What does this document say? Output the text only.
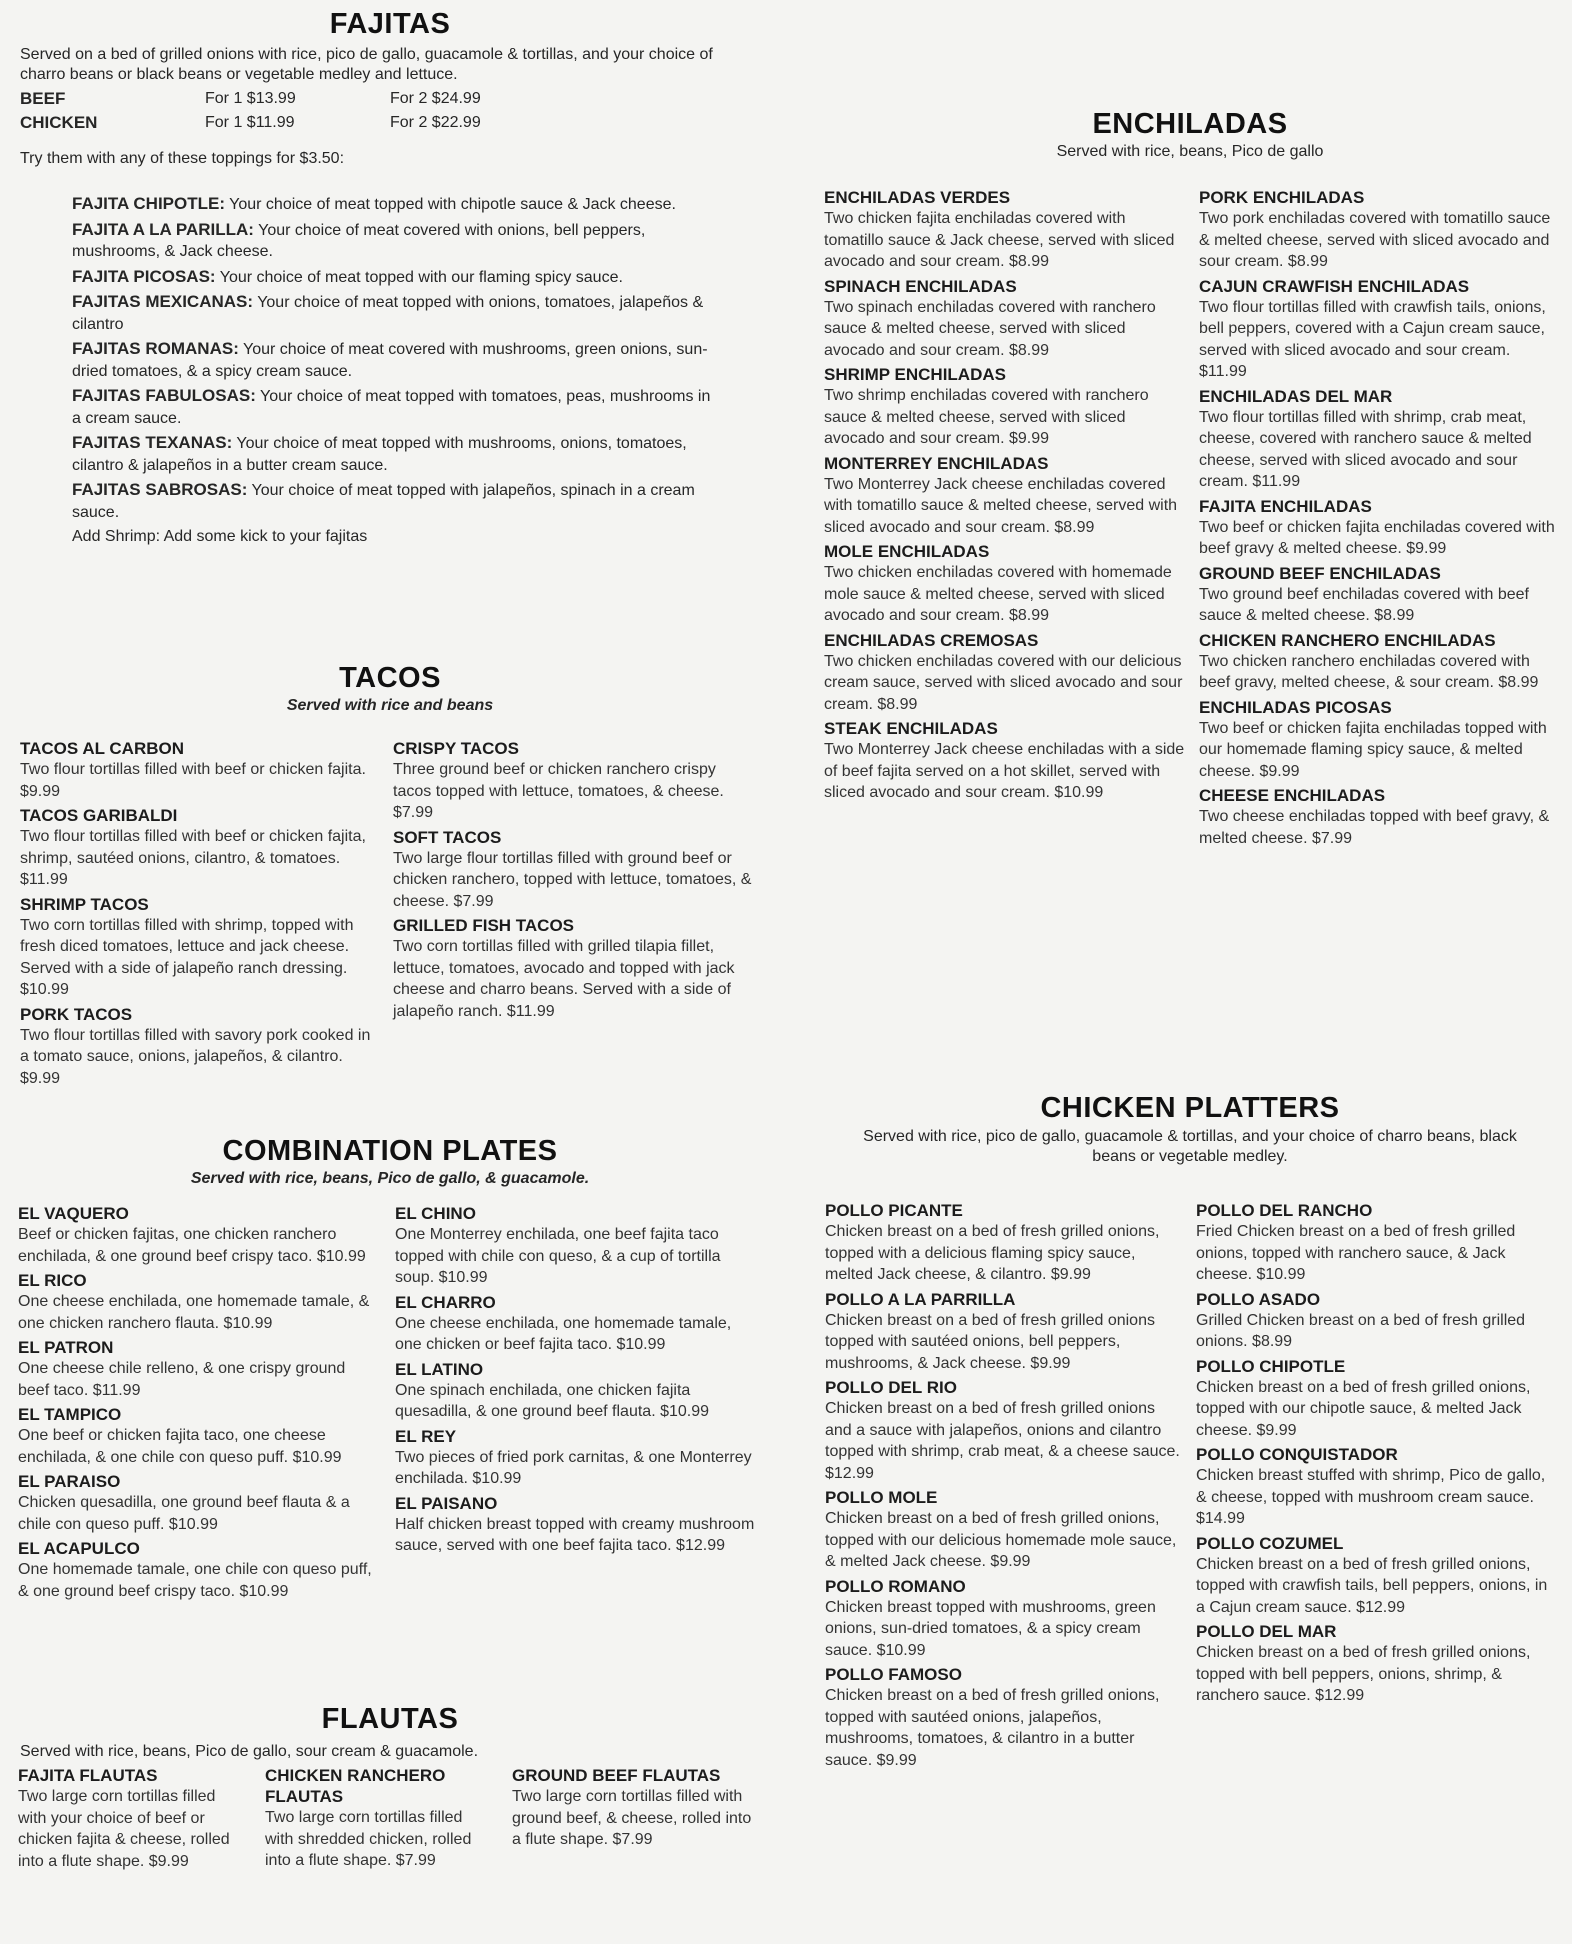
FAJITAS

Served on a bed of grilled onions with rice, pico de gallo, guacamole & tortillas, and your choice of charro beans or black beans or vegetable medley and lettuce.

BEEF	For 1 $13.99	For 2 $24.99
CHICKEN	For 1 $11.99	For 2 $22.99

Try them with any of these toppings for $3.50:

FAJITA CHIPOTLE: Your choice of meat topped with chipotle sauce & Jack cheese.
FAJITA A LA PARILLA: Your choice of meat covered with onions, bell peppers, mushrooms, & Jack cheese.
FAJITA PICOSAS: Your choice of meat topped with our flaming spicy sauce.
FAJITAS MEXICANAS: Your choice of meat topped with onions, tomatoes, jalapeños & cilantro
FAJITAS ROMANAS: Your choice of meat covered with mushrooms, green onions, sun-dried tomatoes, & a spicy cream sauce.
FAJITAS FABULOSAS: Your choice of meat topped with tomatoes, peas, mushrooms in a cream sauce.
FAJITAS TEXANAS: Your choice of meat topped with mushrooms, onions, tomatoes, cilantro & jalapeños in a butter cream sauce.
FAJITAS SABROSAS: Your choice of meat topped with jalapeños, spinach in a cream sauce.
Add Shrimp: Add some kick to your fajitas
TACOS

Served with rice and beans

TACOS AL CARBON
Two flour tortillas filled with beef or chicken fajita. $9.99
TACOS GARIBALDI
Two flour tortillas filled with beef or chicken fajita, shrimp, sautéed onions, cilantro, & tomatoes. $11.99
SHRIMP TACOS
Two corn tortillas filled with shrimp, topped with fresh diced tomatoes, lettuce and jack cheese. Served with a side of jalapeño ranch dressing. $10.99
PORK TACOS
Two flour tortillas filled with savory pork cooked in a tomato sauce, onions, jalapeños, & cilantro. $9.99
CRISPY TACOS
Three ground beef or chicken ranchero crispy tacos topped with lettuce, tomatoes, & cheese. $7.99
SOFT TACOS
Two large flour tortillas filled with ground beef or chicken ranchero, topped with lettuce, tomatoes, & cheese. $7.99
GRILLED FISH TACOS
Two corn tortillas filled with grilled tilapia fillet, lettuce, tomatoes, avocado and topped with jack cheese and charro beans. Served with a side of jalapeño ranch. $11.99
COMBINATION PLATES

Served with rice, beans, Pico de gallo, & guacamole.

EL VAQUERO
Beef or chicken fajitas, one chicken ranchero enchilada, & one ground beef crispy taco. $10.99
EL RICO
One cheese enchilada, one homemade tamale, & one chicken ranchero flauta. $10.99
EL PATRON
One cheese chile relleno, & one crispy ground beef taco. $11.99
EL TAMPICO
One beef or chicken fajita taco, one cheese enchilada, & one chile con queso puff. $10.99
EL PARAISO
Chicken quesadilla, one ground beef flauta & a chile con queso puff. $10.99
EL ACAPULCO
One homemade tamale, one chile con queso puff, & one ground beef crispy taco. $10.99
EL CHINO
One Monterrey enchilada, one beef fajita taco topped with chile con queso, & a cup of tortilla soup. $10.99
EL CHARRO
One cheese enchilada, one homemade tamale, one chicken or beef fajita taco. $10.99
EL LATINO
One spinach enchilada, one chicken fajita quesadilla, & one ground beef flauta. $10.99
EL REY
Two pieces of fried pork carnitas, & one Monterrey enchilada. $10.99
EL PAISANO
Half chicken breast topped with creamy mushroom sauce, served with one beef fajita taco. $12.99
FLAUTAS

Served with rice, beans, Pico de gallo, sour cream & guacamole.

FAJITA FLAUTAS
Two large corn tortillas filled with your choice of beef or chicken fajita & cheese, rolled into a flute shape. $9.99
CHICKEN RANCHERO FLAUTAS
Two large corn tortillas filled with shredded chicken, rolled into a flute shape. $7.99
GROUND BEEF FLAUTAS
Two large corn tortillas filled with ground beef, & cheese, rolled into a flute shape. $7.99
ENCHILADAS

Served with rice, beans, Pico de gallo

ENCHILADAS VERDES
Two chicken fajita enchiladas covered with tomatillo sauce & Jack cheese, served with sliced avocado and sour cream. $8.99
SPINACH ENCHILADAS
Two spinach enchiladas covered with ranchero sauce & melted cheese, served with sliced avocado and sour cream. $8.99
SHRIMP ENCHILADAS
Two shrimp enchiladas covered with ranchero sauce & melted cheese, served with sliced avocado and sour cream. $9.99
MONTERREY ENCHILADAS
Two Monterrey Jack cheese enchiladas covered with tomatillo sauce & melted cheese, served with sliced avocado and sour cream. $8.99
MOLE ENCHILADAS
Two chicken enchiladas covered with homemade mole sauce & melted cheese, served with sliced avocado and sour cream. $8.99
ENCHILADAS CREMOSAS
Two chicken enchiladas covered with our delicious cream sauce, served with sliced avocado and sour cream. $8.99
STEAK ENCHILADAS
Two Monterrey Jack cheese enchiladas with a side of beef fajita served on a hot skillet, served with sliced avocado and sour cream. $10.99
PORK ENCHILADAS
Two pork enchiladas covered with tomatillo sauce & melted cheese, served with sliced avocado and sour cream. $8.99
CAJUN CRAWFISH ENCHILADAS
Two flour tortillas filled with crawfish tails, onions, bell peppers, covered with a Cajun cream sauce, served with sliced avocado and sour cream. $11.99
ENCHILADAS DEL MAR
Two flour tortillas filled with shrimp, crab meat, cheese, covered with ranchero sauce & melted cheese, served with sliced avocado and sour cream. $11.99
FAJITA ENCHILADAS
Two beef or chicken fajita enchiladas covered with beef gravy & melted cheese. $9.99
GROUND BEEF ENCHILADAS
Two ground beef enchiladas covered with beef sauce & melted cheese. $8.99
CHICKEN RANCHERO ENCHILADAS
Two chicken ranchero enchiladas covered with beef gravy, melted cheese, & sour cream. $8.99
ENCHILADAS PICOSAS
Two beef or chicken fajita enchiladas topped with our homemade flaming spicy sauce, & melted cheese. $9.99
CHEESE ENCHILADAS
Two cheese enchiladas topped with beef gravy, & melted cheese. $7.99
CHICKEN PLATTERS

Served with rice, pico de gallo, guacamole & tortillas, and your choice of charro beans, black beans or vegetable medley.

POLLO PICANTE
Chicken breast on a bed of fresh grilled onions, topped with a delicious flaming spicy sauce, melted Jack cheese, & cilantro. $9.99
POLLO A LA PARRILLA
Chicken breast on a bed of fresh grilled onions topped with sautéed onions, bell peppers, mushrooms, & Jack cheese. $9.99
POLLO DEL RIO
Chicken breast on a bed of fresh grilled onions and a sauce with jalapeños, onions and cilantro topped with shrimp, crab meat, & a cheese sauce. $12.99
POLLO MOLE
Chicken breast on a bed of fresh grilled onions, topped with our delicious homemade mole sauce, & melted Jack cheese. $9.99
POLLO ROMANO
Chicken breast topped with mushrooms, green onions, sun-dried tomatoes, & a spicy cream sauce. $10.99
POLLO FAMOSO
Chicken breast on a bed of fresh grilled onions, topped with sautéed onions, jalapeños, mushrooms, tomatoes, & cilantro in a butter sauce. $9.99
POLLO DEL RANCHO
Fried Chicken breast on a bed of fresh grilled onions, topped with ranchero sauce, & Jack cheese. $10.99
POLLO ASADO
Grilled Chicken breast on a bed of fresh grilled onions. $8.99
POLLO CHIPOTLE
Chicken breast on a bed of fresh grilled onions, topped with our chipotle sauce, & melted Jack cheese. $9.99
POLLO CONQUISTADOR
Chicken breast stuffed with shrimp, Pico de gallo, & cheese, topped with mushroom cream sauce. $14.99
POLLO COZUMEL
Chicken breast on a bed of fresh grilled onions, topped with crawfish tails, bell peppers, onions, in a Cajun cream sauce. $12.99
POLLO DEL MAR
Chicken breast on a bed of fresh grilled onions, topped with bell peppers, onions, shrimp, & ranchero sauce. $12.99
